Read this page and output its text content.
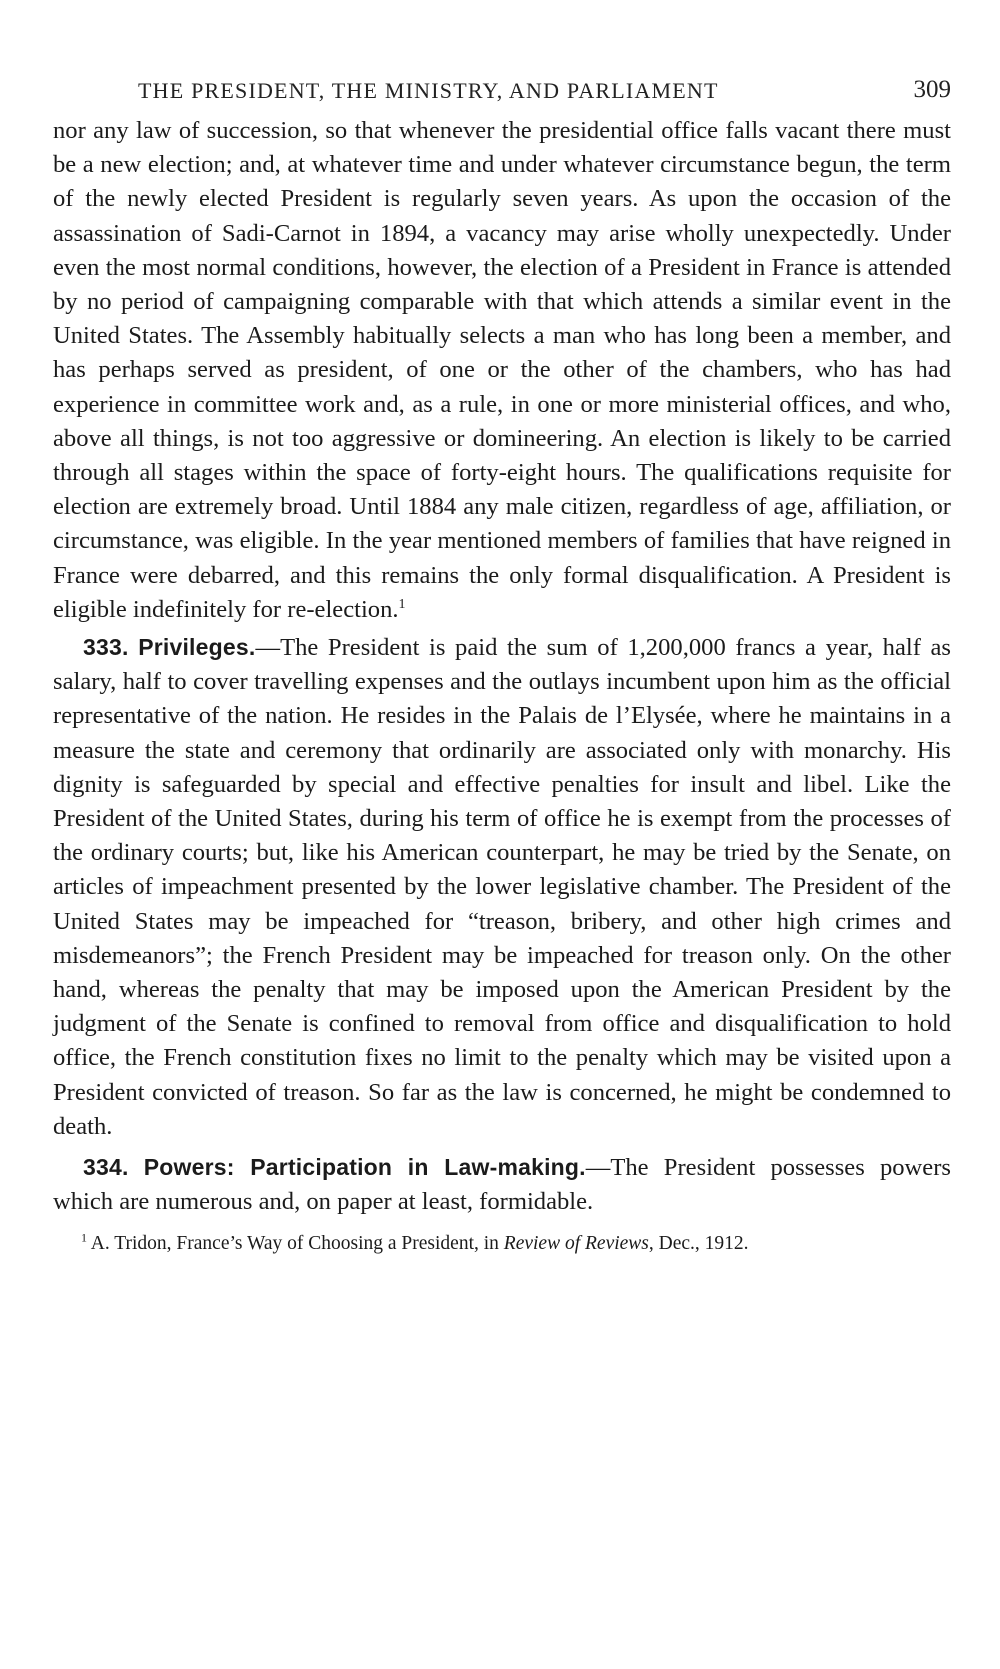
THE PRESIDENT, THE MINISTRY, AND PARLIAMENT	309

nor any law of succession, so that whenever the presidential office falls vacant there must be a new election; and, at whatever time and under whatever circumstance begun, the term of the newly elected President is regularly seven years. As upon the occasion of the assassination of Sadi-Carnot in 1894, a vacancy may arise wholly unexpectedly. Under even the most normal conditions, however, the election of a President in France is attended by no period of campaigning comparable with that which attends a similar event in the United States. The Assembly habitually selects a man who has long been a member, and has perhaps served as president, of one or the other of the chambers, who has had experience in committee work and, as a rule, in one or more ministerial offices, and who, above all things, is not too aggressive or domineering. An election is likely to be carried through all stages within the space of forty-eight hours. The qualifications requisite for election are extremely broad. Until 1884 any male citizen, regardless of age, affiliation, or circumstance, was eligible. In the year mentioned members of families that have reigned in France were debarred, and this remains the only formal disqualification. A President is eligible indefinitely for re-election.$^1$

333. Privileges.—The President is paid the sum of 1,200,000 francs a year, half as salary, half to cover travelling expenses and the outlays incumbent upon him as the official representative of the nation. He resides in the Palais de l’Elysée, where he maintains in a measure the state and ceremony that ordinarily are associated only with monarchy. His dignity is safeguarded by special and effective penalties for insult and libel. Like the President of the United States, during his term of office he is exempt from the processes of the ordinary courts; but, like his American counterpart, he may be tried by the Senate, on articles of impeachment presented by the lower legislative chamber. The President of the United States may be impeached for “treason, bribery, and other high crimes and misdemeanors”; the French President may be impeached for treason only. On the other hand, whereas the penalty that may be imposed upon the American President by the judgment of the Senate is confined to removal from office and disqualification to hold office, the French constitution fixes no limit to the penalty which may be visited upon a President convicted of treason. So far as the law is concerned, he might be condemned to death.

334. Powers: Participation in Law-making.—The President possesses powers which are numerous and, on paper at least, formidable.

$^1$ A. Tridon, France’s Way of Choosing a President, in Review of Reviews, Dec., 1912.
